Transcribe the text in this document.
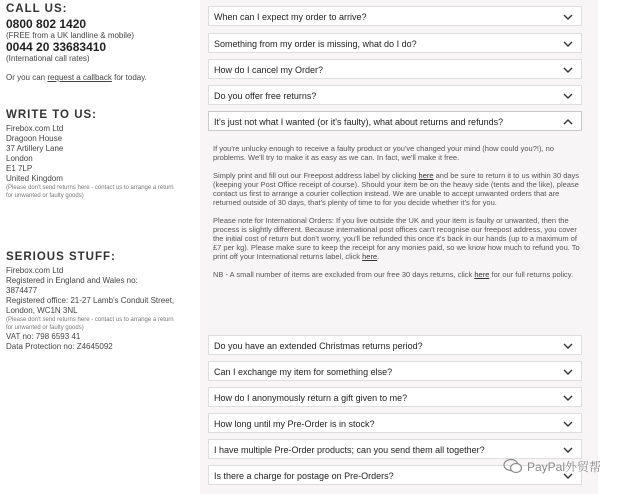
CALL US:
0800 802 1420
(FREE from a UK landline & mobile)
0044 20 33683410
(International call rates)
Or you can request a callback for today.
WRITE TO US:
Firebox.com Ltd
Dragoon House
37 Artillery Lane
London
E1 7LP
United Kingdom
(Please don't send returns here - contact us to arrange a return for unwanted or faulty goods)
SERIOUS STUFF:
Firebox.com Ltd
Registered in England and Wales no:
3874477
Registered office: 21-27 Lamb's Conduit Street, London, WC1N 3NL
(Please don't send returns here - contact us to arrange a return for unwanted or faulty goods)
VAT no: 798 6593 41
Data Protection no: Z4645092
When can I expect my order to arrive?
Something from my order is missing, what do I do?
How do I cancel my Order?
Do you offer free returns?
It's just not what I wanted (or it's faulty), what about returns and refunds?

If you're unlucky enough to receive a faulty product or you've changed your mind (how could you?!), no problems. We'll try to make it as easy as we can. In fact, we'll make it free.

Simply print and fill out our Freepost address label by clicking here and be sure to return it to us within 30 days (keeping your Post Office receipt of course). Should your item be on the heavy side (tents and the like), please contact us first to arrange a courier collection instead. We are unable to accept unwanted orders that are returned outside of 30 days, that's plenty of time to for you decide whether it's for you.

Please note for International Orders: If you live outside the UK and your item is faulty or unwanted, then the process is slightly different. Because international post offices can't recognise our freepost address, you cover the initial cost of return but don't worry, you'll be refunded this once it's back in our hands (up to a maximum of £7 per kg). Please make sure to keep the receipt for any monies paid, so we know how much to refund you. To print off your International returns label, click here.

NB - A small number of items are excluded from our free 30 days returns, click here for our full returns policy.

Do you have an extended Christmas returns period?
Can I exchange my item for something else?
How do I anonymously return a gift given to me?
How long until my Pre-Order is in stock?
I have multiple Pre-Order products; can you send them all together?
Is there a charge for postage on Pre-Orders?
PayPal外贸帮
